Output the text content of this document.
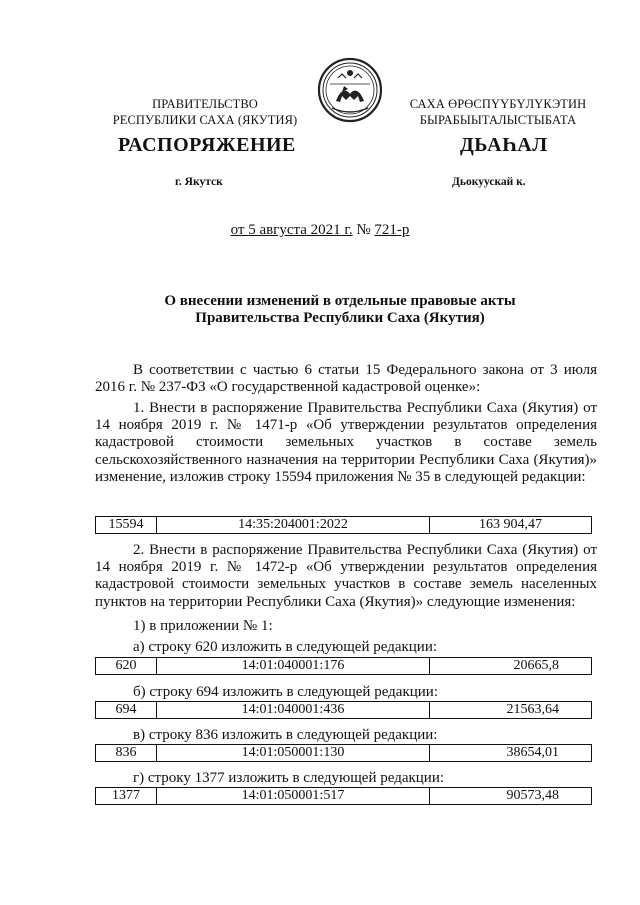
ПРАВИТЕЛЬСТВО
РЕСПУБЛИКИ САХА (ЯКУТИЯ)
САХА ӨРӨСПҮҮБҮЛҮКЭТИН
БЫРАБЫЫТАЛЫСТЫБАТА
РАСПОРЯЖЕНИЕ	ДЬАҺАЛ
г. Якутск	Дьокуускай к.
от 5 августа 2021 г. № 721-р
О внесении изменений в отдельные правовые акты
Правительства Республики Саха (Якутия)
В соответствии с частью 6 статьи 15 Федерального закона от 3 июля 2016 г. № 237-ФЗ «О государственной кадастровой оценке»:
1. Внести в распоряжение Правительства Республики Саха (Якутия) от 14 ноября 2019 г. № 1471-р «Об утверждении результатов определения кадастровой стоимости земельных участков в составе земель сельскохозяйственного назначения на территории Республики Саха (Якутия)» изменение, изложив строку 15594 приложения № 35 в следующей редакции:
15594	14:35:204001:2022	163 904,47
2. Внести в распоряжение Правительства Республики Саха (Якутия) от 14 ноября 2019 г. № 1472-р «Об утверждении результатов определения кадастровой стоимости земельных участков в составе земель населенных пунктов на территории Республики Саха (Якутия)» следующие изменения:
1) в приложении № 1:
а) строку 620 изложить в следующей редакции:
620	14:01:040001:176	20665,8
б) строку 694 изложить в следующей редакции:
694	14:01:040001:436	21563,64
в) строку 836 изложить в следующей редакции:
836	14:01:050001:130	38654,01
г) строку 1377 изложить в следующей редакции:
1377	14:01:050001:517	90573,48
